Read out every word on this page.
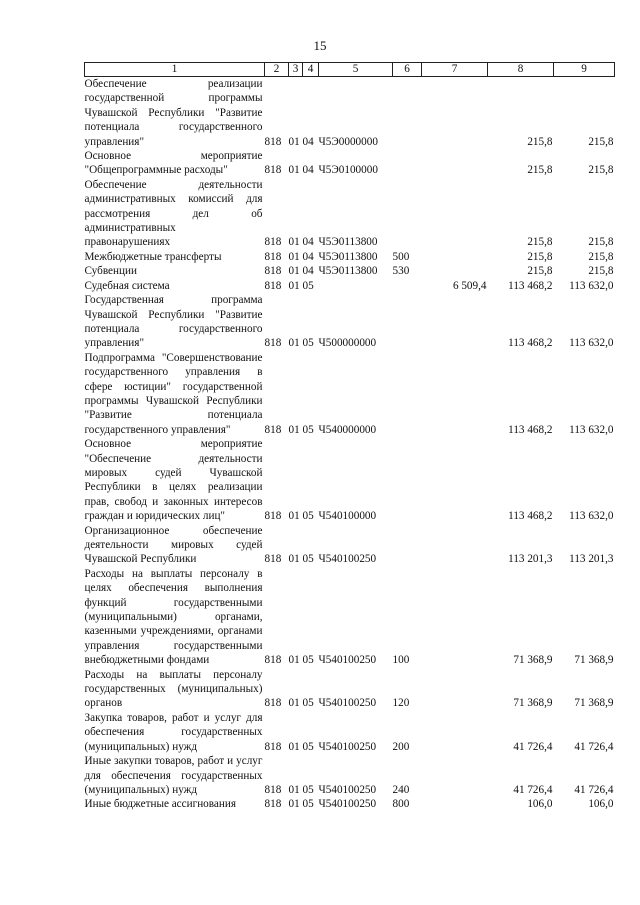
15
1	2	3	4	5	6	7	8	9
Обеспечение реализации государственной программы Чувашской Республики "Развитие потенциала государственного управления"	818	01	04	Ч5Э0000000			215,8	215,8
Основное мероприятие "Общепрограммные расходы"	818	01	04	Ч5Э0100000			215,8	215,8
Обеспечение деятельности административных комиссий для рассмотрения дел об административных правонарушениях	818	01	04	Ч5Э0113800			215,8	215,8
Межбюджетные трансферты	818	01	04	Ч5Э0113800	500		215,8	215,8
Субвенции	818	01	04	Ч5Э0113800	530		215,8	215,8
Судебная система	818	01	05			6 509,4	113 468,2	113 632,0
Государственная программа Чувашской Республики "Развитие потенциала государственного управления"	818	01	05	Ч500000000			113 468,2	113 632,0
Подпрограмма "Совершенствование государственного управления в сфере юстиции" государственной программы Чувашской Республики "Развитие потенциала государственного управления"	818	01	05	Ч540000000			113 468,2	113 632,0
Основное мероприятие "Обеспечение деятельности мировых судей Чувашской Республики в целях реализации прав, свобод и законных интересов граждан и юридических лиц"	818	01	05	Ч540100000			113 468,2	113 632,0
Организационное обеспечение деятельности мировых судей Чувашской Республики	818	01	05	Ч540100250			113 201,3	113 201,3
Расходы на выплаты персоналу в целях обеспечения выполнения функций государственными (муниципальными) органами, казенными учреждениями, органами управления государственными внебюджетными фондами	818	01	05	Ч540100250	100		71 368,9	71 368,9
Расходы на выплаты персоналу государственных (муниципальных) органов	818	01	05	Ч540100250	120		71 368,9	71 368,9
Закупка товаров, работ и услуг для обеспечения государственных (муниципальных) нужд	818	01	05	Ч540100250	200		41 726,4	41 726,4
Иные закупки товаров, работ и услуг для обеспечения государственных (муниципальных) нужд	818	01	05	Ч540100250	240		41 726,4	41 726,4
Иные бюджетные ассигнования	818	01	05	Ч540100250	800		106,0	106,0
